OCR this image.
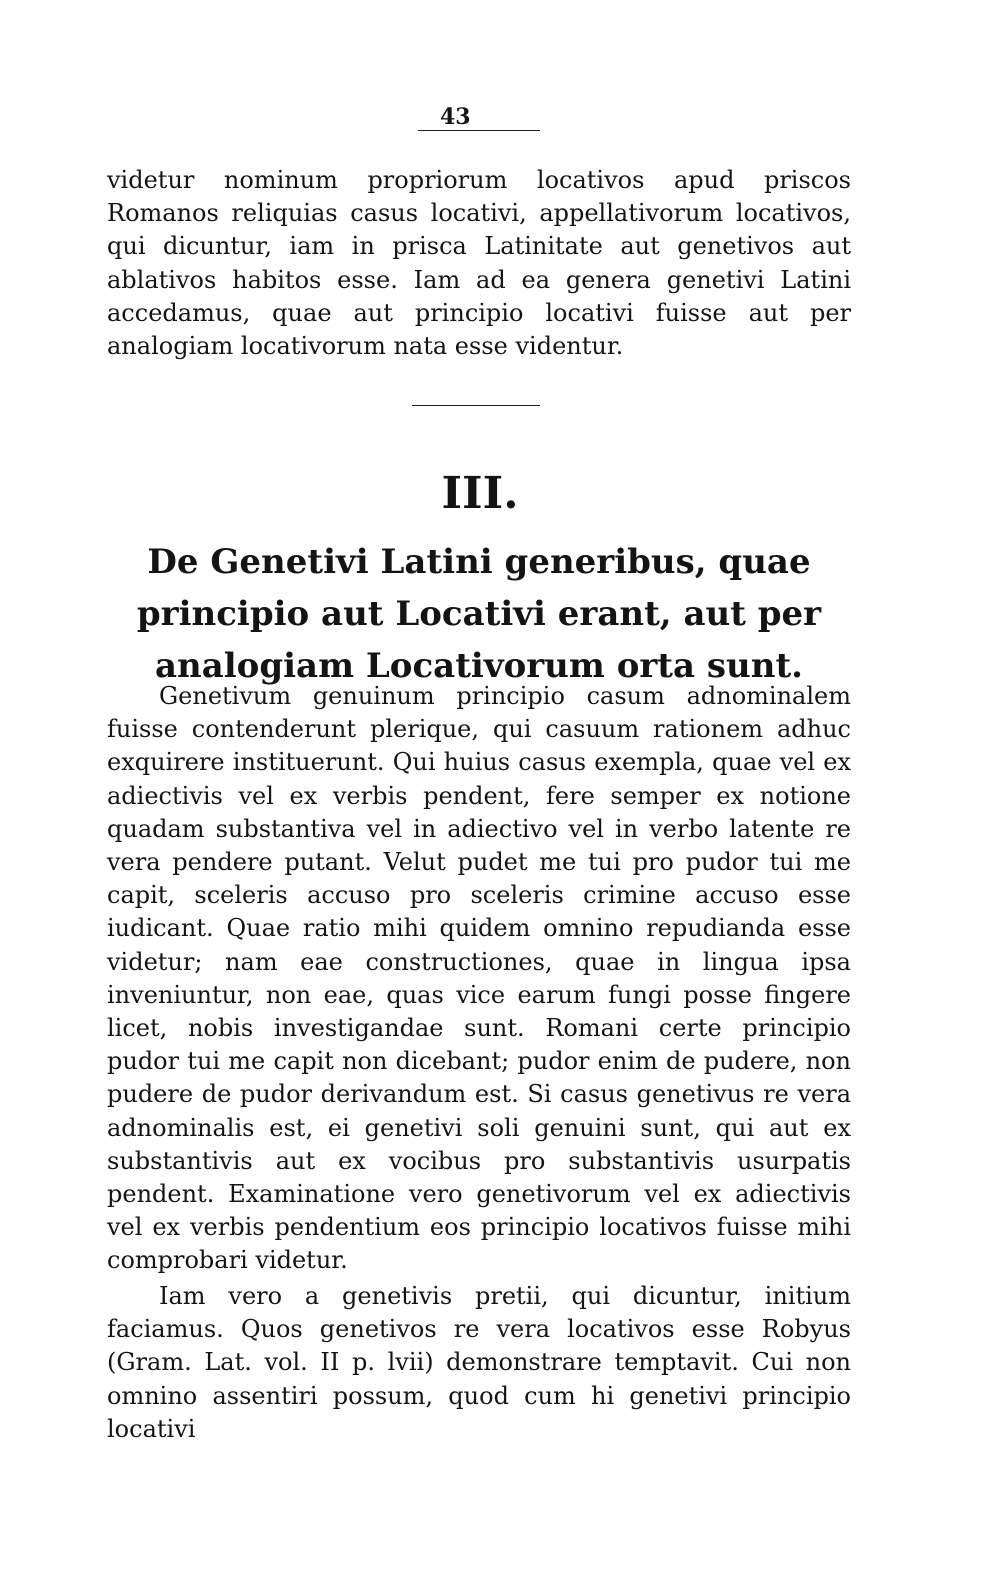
43

videtur nominum propriorum locativos apud priscos Romanos reliquias casus locativi, appellativorum locativos, qui dicuntur, iam in prisca Latinitate aut genetivos aut ablativos habitos esse. Iam ad ea genera genetivi Latini accedamus, quae aut principio locativi fuisse aut per analogiam locativorum nata esse videntur.

III.
De Genetivi Latini generibus, quae principio aut Locativi erant, aut per analogiam Locativorum orta sunt.

Genetivum genuinum principio casum adnominalem fuisse contenderunt plerique, qui casuum rationem adhuc exquirere instituerunt. Qui huius casus exempla, quae vel ex adiectivis vel ex verbis pendent, fere semper ex notione quadam substantiva vel in adiectivo vel in verbo latente re vera pendere putant. Velut pudet me tui pro pudor tui me capit, sceleris accuso pro sceleris crimine accuso esse iudicant. Quae ratio mihi quidem omnino repudianda esse videtur; nam eae constructiones, quae in lingua ipsa inveniuntur, non eae, quas vice earum fungi posse fingere licet, nobis investigandae sunt. Romani certe principio pudor tui me capit non dicebant; pudor enim de pudere, non pudere de pudor derivandum est. Si casus genetivus re vera adnominalis est, ei genetivi soli genuini sunt, qui aut ex substantivis aut ex vocibus pro substantivis usurpatis pendent. Examinatione vero genetivorum vel ex adiectivis vel ex verbis pendentium eos principio locativos fuisse mihi comprobari videtur.

Iam vero a genetivis pretii, qui dicuntur, initium faciamus. Quos genetivos re vera locativos esse Robyus (Gram. Lat. vol. II p. lvii) demonstrare temptavit. Cui non omnino assentiri possum, quod cum hi genetivi principio locativi
